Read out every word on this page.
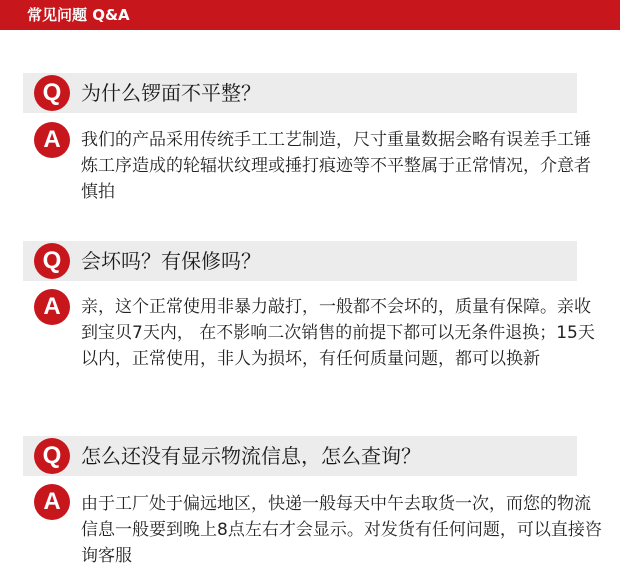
常见问题 Q&A
Q 为什么锣面不平整？
A	我们的产品采用传统手工工艺制造，尺寸重量数据会略有误差手工锤炼工序造成的轮辐状纹理或捶打痕迹等不平整属于正常情况，介意者慎拍

Q 会坏吗？有保修吗？
A	亲，这个正常使用非暴力敲打，一般都不会坏的，质量有保障。亲收到宝贝7天内， 在不影响二次销售的前提下都可以无条件退换；15天以内，正常使用，非人为损坏，有任何质量问题，都可以换新

Q 怎么还没有显示物流信息，怎么查询？
A	由于工厂处于偏远地区，快递一般每天中午去取货一次，而您的物流信息一般要到晚上8点左右才会显示。对发货有任何问题，可以直接咨询客服
